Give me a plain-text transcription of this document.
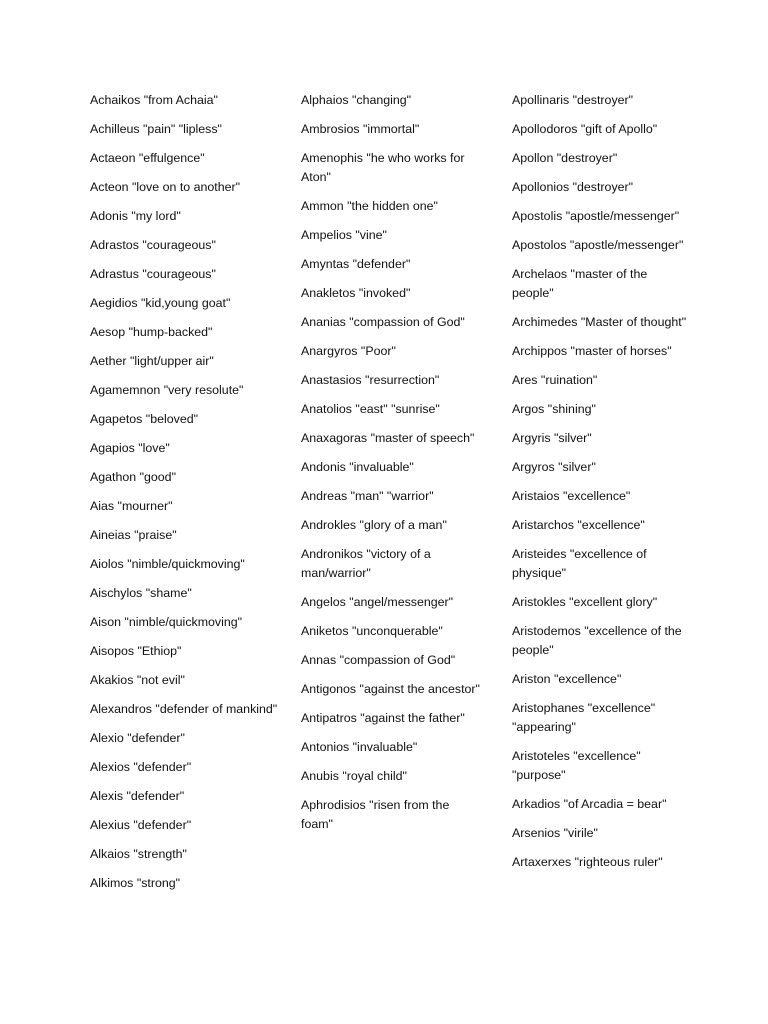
Achaikos "from Achaia"
Achilleus "pain" "lipless"
Actaeon "effulgence"
Acteon "love on to another"
Adonis "my lord"
Adrastos "courageous"
Adrastus "courageous"
Aegidios "kid,young goat"
Aesop "hump-backed"
Aether "light/upper air"
Agamemnon "very resolute"
Agapetos "beloved"
Agapios "love"
Agathon "good"
Aias "mourner"
Aineias "praise"
Aiolos "nimble/quickmoving"
Aischylos "shame"
Aison "nimble/quickmoving"
Aisopos "Ethiop"
Akakios "not evil"
Alexandros "defender of mankind"
Alexio "defender"
Alexios "defender"
Alexis "defender"
Alexius "defender"
Alkaios "strength"
Alkimos "strong"
Alphaios "changing"
Ambrosios "immortal"
Amenophis "he who works for Aton"
Ammon "the hidden one"
Ampelios "vine"
Amyntas "defender"
Anakletos "invoked"
Ananias "compassion of God"
Anargyros "Poor"
Anastasios "resurrection"
Anatolios "east" "sunrise"
Anaxagoras "master of speech"
Andonis "invaluable"
Andreas "man" "warrior"
Androkles "glory of a man"
Andronikos "victory of a man/warrior"
Angelos "angel/messenger"
Aniketos "unconquerable"
Annas "compassion of God"
Antigonos "against the ancestor"
Antipatros "against the father"
Antonios "invaluable"
Anubis "royal child"
Aphrodisios "risen from the foam"
Apollinaris "destroyer"
Apollodoros "gift of Apollo"
Apollon "destroyer"
Apollonios "destroyer"
Apostolis "apostle/messenger"
Apostolos "apostle/messenger"
Archelaos "master of the people"
Archimedes "Master of thought"
Archippos "master of horses"
Ares "ruination"
Argos "shining"
Argyris "silver"
Argyros "silver"
Aristaios "excellence"
Aristarchos "excellence"
Aristeides "excellence of physique"
Aristokles "excellent glory"
Aristodemos "excellence of the people"
Ariston "excellence"
Aristophanes "excellence" "appearing"
Aristoteles "excellence" "purpose"
Arkadios "of Arcadia = bear"
Arsenios "virile"
Artaxerxes "righteous ruler"
